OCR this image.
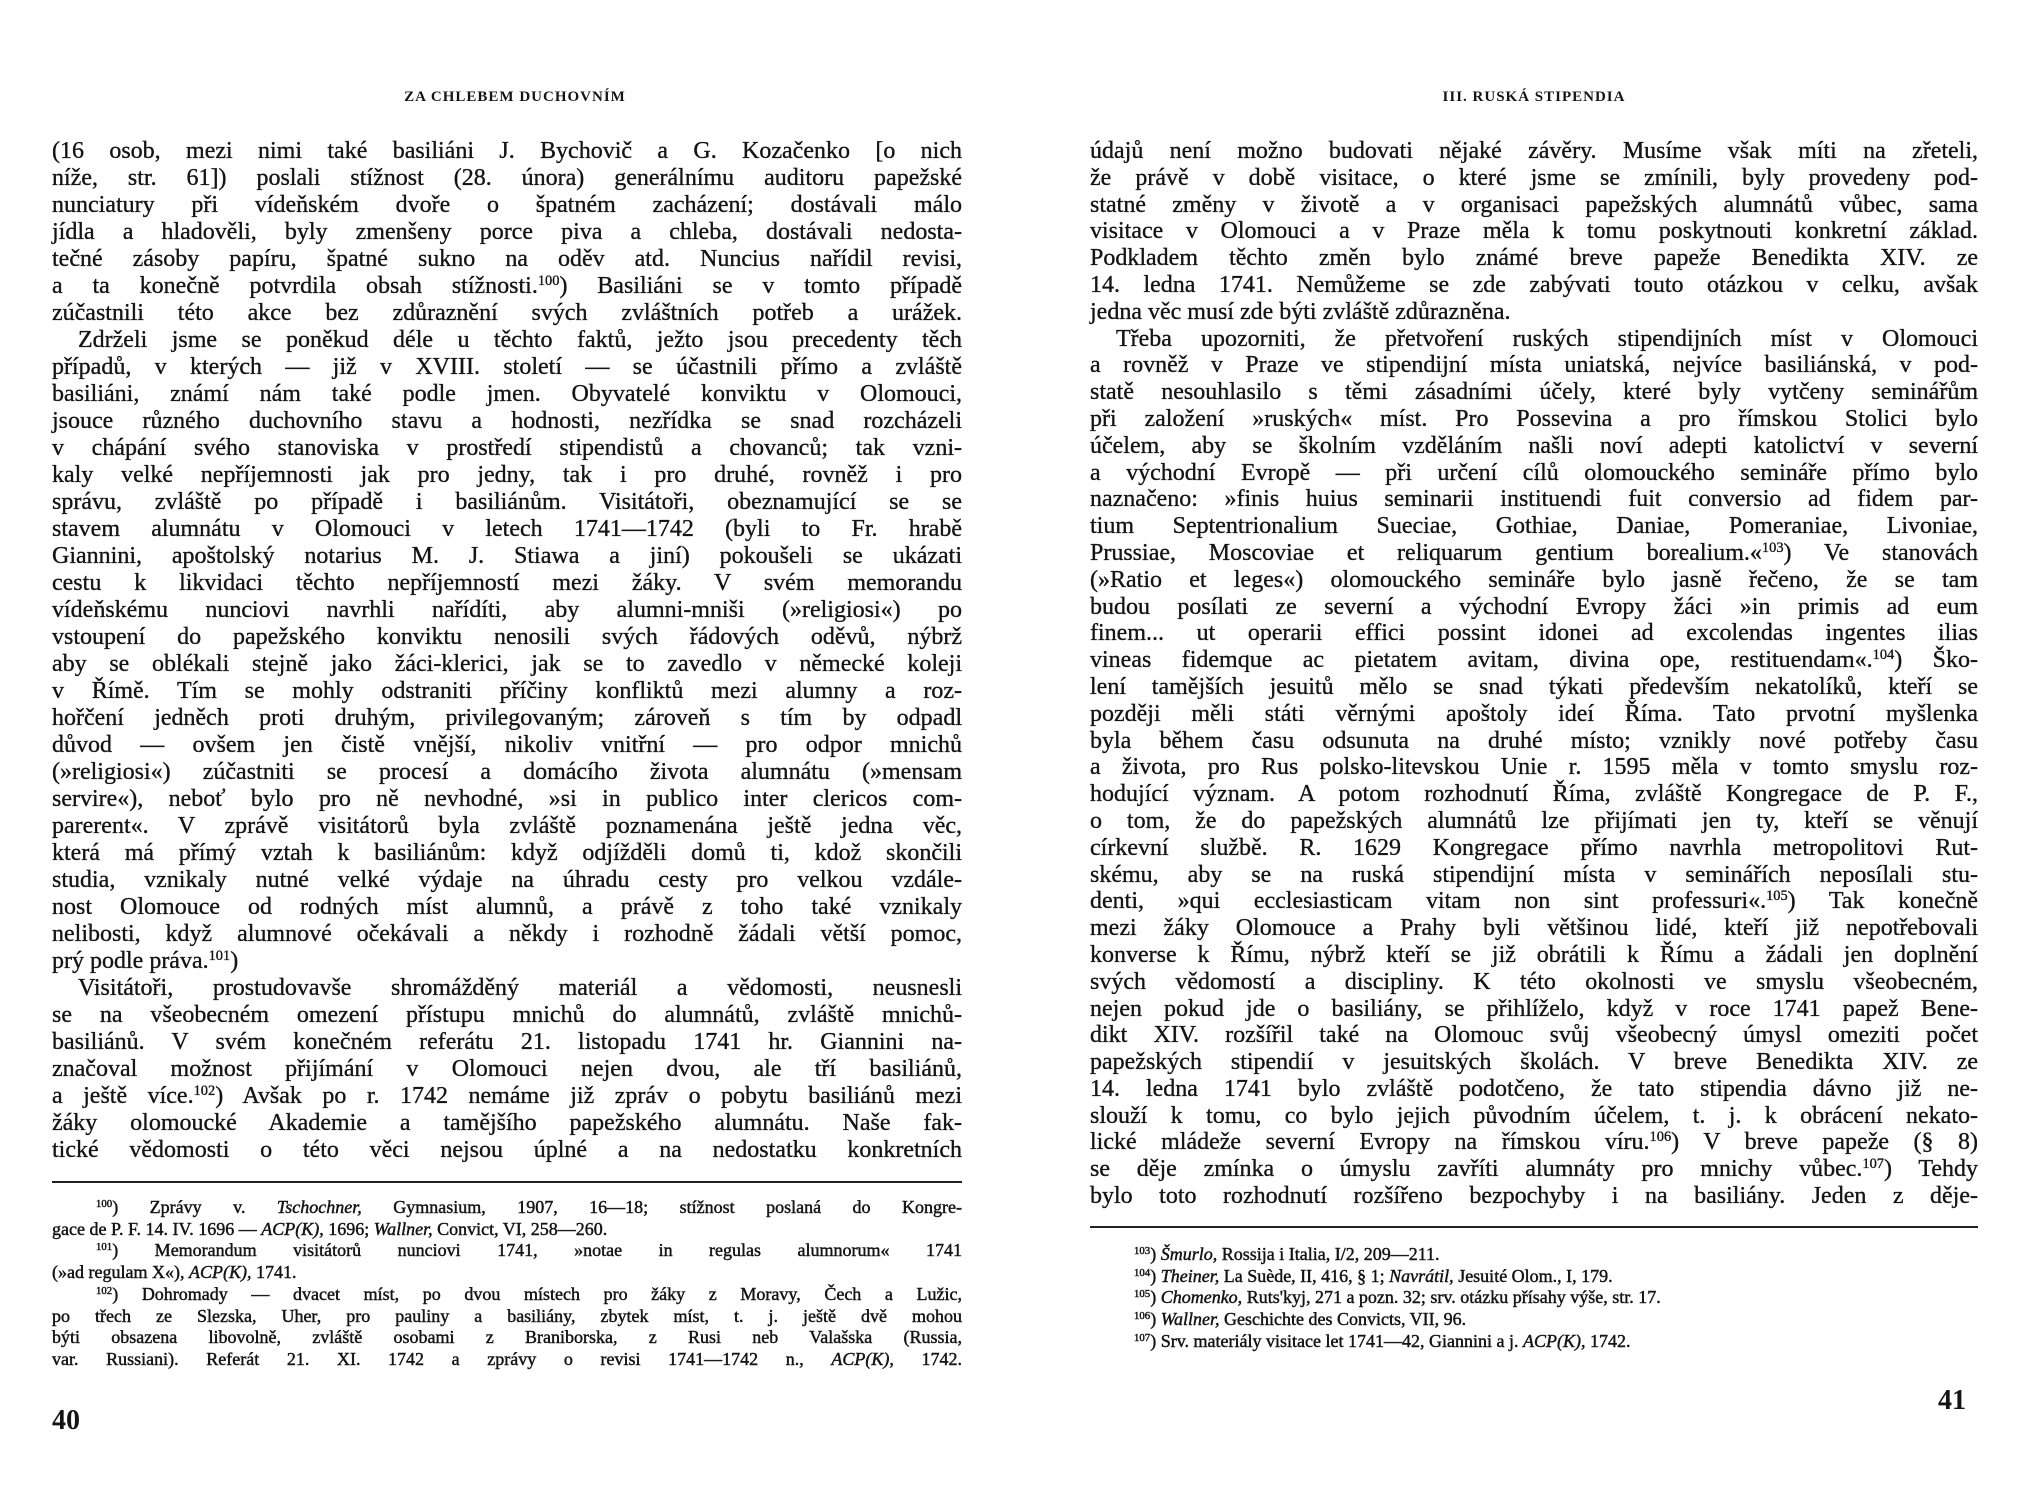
ZA CHLEBEM DUCHOVNÍM
(16 osob, mezi nimi také basiliáni J. Bychovič a G. Kozačenko [o nich
níže, str. 61]) poslali stížnost (28. února) generálnímu auditoru papežské
nunciatury při vídeňském dvoře o špatném zacházení; dostávali málo
jídla a hladověli, byly zmenšeny porce piva a chleba, dostávali nedosta-
tečné zásoby papíru, špatné sukno na oděv atd. Nuncius nařídil revisi,
a ta konečně potvrdila obsah stížnosti.$^{100}$) Basiliáni se v tomto případě
zúčastnili této akce bez zdůraznění svých zvláštních potřeb a urážek.
Zdrželi jsme se poněkud déle u těchto faktů, ježto jsou precedenty těch
případů, v kterých — již v XVIII. století — se účastnili přímo a zvláště
basiliáni, známí nám také podle jmen. Obyvatelé konviktu v Olomouci,
jsouce různého duchovního stavu a hodnosti, nezřídka se snad rozcházeli
v chápání svého stanoviska v prostředí stipendistů a chovanců; tak vzni-
kaly velké nepříjemnosti jak pro jedny, tak i pro druhé, rovněž i pro
správu, zvláště po případě i basiliánům. Visitátoři, obeznamující se se
stavem alumnátu v Olomouci v letech 1741—1742 (byli to Fr. hrabě
Giannini, apoštolský notarius M. J. Stiawa a jiní) pokoušeli se ukázati
cestu k likvidaci těchto nepříjemností mezi žáky. V svém memorandu
vídeňskému nunciovi navrhli nařídíti, aby alumni-mniši (»religiosi«) po
vstoupení do papežského konviktu nenosili svých řádových oděvů, nýbrž
aby se oblékali stejně jako žáci-klerici, jak se to zavedlo v německé koleji
v Římě. Tím se mohly odstraniti příčiny konfliktů mezi alumny a roz-
hořčení jedněch proti druhým, privilegovaným; zároveň s tím by odpadl
důvod — ovšem jen čistě vnější, nikoliv vnitřní — pro odpor mnichů
(»religiosi«) zúčastniti se procesí a domácího života alumnátu (»mensam
servire«), neboť bylo pro ně nevhodné, »si in publico inter clericos com-
parerent«. V zprávě visitátorů byla zvláště poznamenána ještě jedna věc,
která má přímý vztah k basiliánům: když odjížděli domů ti, kdož skončili
studia, vznikaly nutné velké výdaje na úhradu cesty pro velkou vzdále-
nost Olomouce od rodných míst alumnů, a právě z toho také vznikaly
nelibosti, když alumnové očekávali a někdy i rozhodně žádali větší pomoc,
prý podle práva.$^{101}$)
Visitátoři, prostudovavše shromážděný materiál a vědomosti, neusnesli
se na všeobecném omezení přístupu mnichů do alumnátů, zvláště mnichů-
basiliánů. V svém konečném referátu 21. listopadu 1741 hr. Giannini na-
značoval možnost přijímání v Olomouci nejen dvou, ale tří basiliánů,
a ještě více.$^{102}$) Avšak po r. 1742 nemáme již zpráv o pobytu basiliánů mezi
žáky olomoucké Akademie a tamějšího papežského alumnátu. Naše fak-
tické vědomosti o této věci nejsou úplné a na nedostatku konkretních
$^{100}$) Zprávy v. Tschochner, Gymnasium, 1907, 16—18; stížnost poslaná do Kongre-
gace de P. F. 14. IV. 1696 — ACP(K), 1696; Wallner, Convict, VI, 258—260.
$^{101}$) Memorandum visitátorů nunciovi 1741, »notae in regulas alumnorum« 1741
(»ad regulam X«), ACP(K), 1741.
$^{102}$) Dohromady — dvacet míst, po dvou místech pro žáky z Moravy, Čech a Lužic,
po třech ze Slezska, Uher, pro pauliny a basiliány, zbytek míst, t. j. ještě dvě mohou
býti obsazena libovolně, zvláště osobami z Braniborska, z Rusi neb Valašska (Russia,
var. Russiani). Referát 21. XI. 1742 a zprávy o revisi 1741—1742 n., ACP(K), 1742.
40
III. RUSKÁ STIPENDIA
údajů není možno budovati nějaké závěry. Musíme však míti na zřeteli,
že právě v době visitace, o které jsme se zmínili, byly provedeny pod-
statné změny v životě a v organisaci papežských alumnátů vůbec, sama
visitace v Olomouci a v Praze měla k tomu poskytnouti konkretní základ.
Podkladem těchto změn bylo známé breve papeže Benedikta XIV. ze
14. ledna 1741. Nemůžeme se zde zabývati touto otázkou v celku, avšak
jedna věc musí zde býti zvláště zdůrazněna.
Třeba upozorniti, že přetvoření ruských stipendijních míst v Olomouci
a rovněž v Praze ve stipendijní místa uniatská, nejvíce basiliánská, v pod-
statě nesouhlasilo s těmi zásadními účely, které byly vytčeny seminářům
při založení »ruských« míst. Pro Possevina a pro římskou Stolici bylo
účelem, aby se školním vzděláním našli noví adepti katolictví v severní
a východní Evropě — při určení cílů olomouckého semináře přímo bylo
naznačeno: »finis huius seminarii instituendi fuit conversio ad fidem par-
tium Septentrionalium Sueciae, Gothiae, Daniae, Pomeraniae, Livoniae,
Prussiae, Moscoviae et reliquarum gentium borealium.«$^{103}$) Ve stanovách
(»Ratio et leges«) olomouckého semináře bylo jasně řečeno, že se tam
budou posílati ze severní a východní Evropy žáci »in primis ad eum
finem... ut operarii effici possint idonei ad excolendas ingentes ilias
vineas fidemque ac pietatem avitam, divina ope, restituendam«.$^{104}$) Ško-
lení tamějších jesuitů mělo se snad týkati především nekatolíků, kteří se
později měli státi věrnými apoštoly ideí Říma. Tato prvotní myšlenka
byla během času odsunuta na druhé místo; vznikly nové potřeby času
a života, pro Rus polsko-litevskou Unie r. 1595 měla v tomto smyslu roz-
hodující význam. A potom rozhodnutí Říma, zvláště Kongregace de P. F.,
o tom, že do papežských alumnátů lze přijímati jen ty, kteří se věnují
církevní službě. R. 1629 Kongregace přímo navrhla metropolitovi Rut-
skému, aby se na ruská stipendijní místa v seminářích neposílali stu-
denti, »qui ecclesiasticam vitam non sint professuri«.$^{105}$) Tak konečně
mezi žáky Olomouce a Prahy byli většinou lidé, kteří již nepotřebovali
konverse k Římu, nýbrž kteří se již obrátili k Římu a žádali jen doplnění
svých vědomostí a discipliny. K této okolnosti ve smyslu všeobecném,
nejen pokud jde o basiliány, se přihlíželo, když v roce 1741 papež Bene-
dikt XIV. rozšířil také na Olomouc svůj všeobecný úmysl omeziti počet
papežských stipendií v jesuitských školách. V breve Benedikta XIV. ze
14. ledna 1741 bylo zvláště podotčeno, že tato stipendia dávno již ne-
slouží k tomu, co bylo jejich původním účelem, t. j. k obrácení nekato-
lické mládeže severní Evropy na římskou víru.$^{106}$) V breve papeže (§ 8)
se děje zmínka o úmyslu zavříti alumnáty pro mnichy vůbec.$^{107}$) Tehdy
bylo toto rozhodnutí rozšířeno bezpochyby i na basiliány. Jeden z děje-
$^{103}$) Šmurlo, Rossija i Italia, I/2, 209—211.
$^{104}$) Theiner, La Suède, II, 416, § 1; Navrátil, Jesuité Olom., I, 179.
$^{105}$) Chomenko, Ruts'kyj, 271 a pozn. 32; srv. otázku přísahy výše, str. 17.
$^{106}$) Wallner, Geschichte des Convicts, VII, 96.
$^{107}$) Srv. materiály visitace let 1741—42, Giannini a j. ACP(K), 1742.
41
